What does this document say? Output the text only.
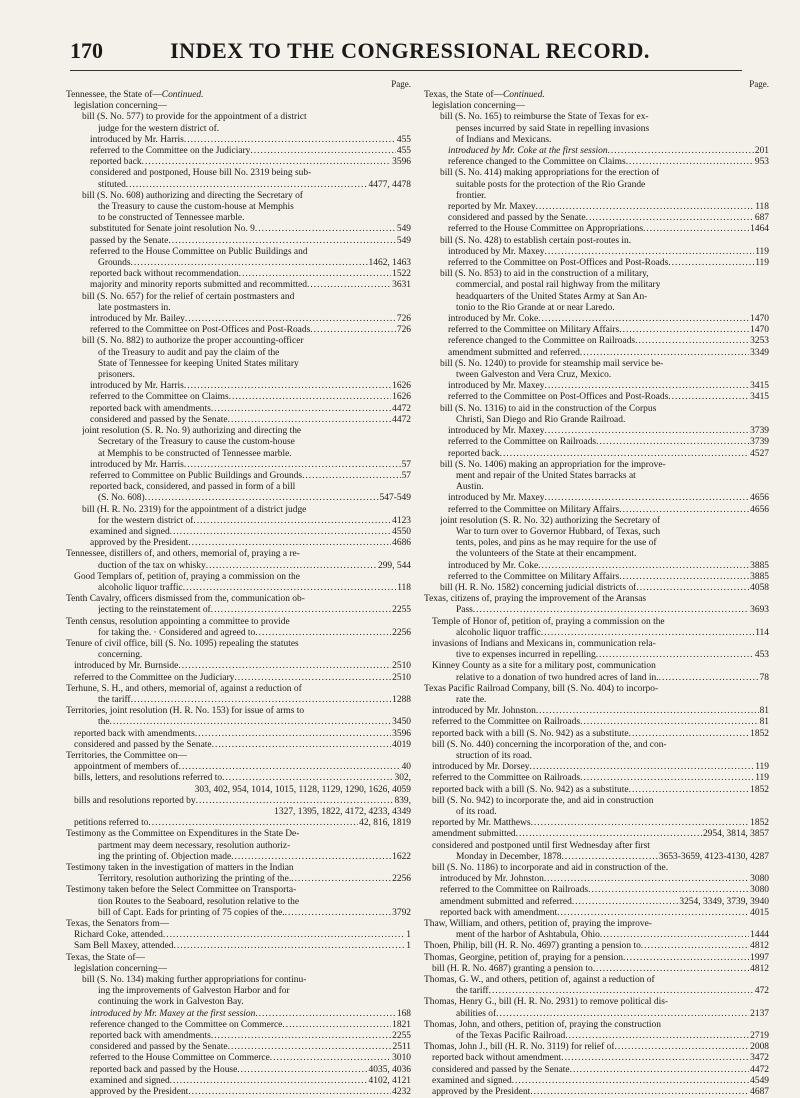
170	INDEX TO THE CONGRESSIONAL RECORD.
Page.
Tennessee, the State of—Continued.
legislation concerning—
bill (S. No. 577) to provide for the appointment of a district
judge for the western district of.
introduced by Mr. Harris .....	455
referred to the Committee on the Judiciary .....	455
reported back .....	3596
considered and postponed, House bill No. 2319 being sub-
stituted .....	4477, 4478
bill (S. No. 608) authorizing and directing the Secretary of
the Treasury to cause the custom-house at Memphis
to be constructed of Tennessee marble.
substituted for Senate joint resolution No. 9 .....	549
passed by the Senate .....	549
referred to the House Committee on Public Buildings and
Grounds .....	1462, 1463
reported back without recommendation .....	1522
majority and minority reports submitted and recommitted .....	3631
bill (S. No. 657) for the relief of certain postmasters and
late postmasters in.
introduced by Mr. Bailey .....	726
referred to the Committee on Post-Offices and Post-Roads .....	726
bill (S. No. 882) to authorize the proper accounting-officer
of the Treasury to audit and pay the claim of the
State of Tennessee for keeping United States military
prisoners.
introduced by Mr. Harris .....	1626
referred to the Committee on Claims .....	1626
reported back with amendments .....	4472
considered and passed by the Senate .....	4472
joint resolution (S. R. No. 9) authorizing and directing the
Secretary of the Treasury to cause the custom-house
at Memphis to be constructed of Tennessee marble.
introduced by Mr. Harris .....	57
referred to Committee on Public Buildings and Grounds .....	57
reported back, considered, and passed in form of a bill
(S. No. 608) .....	547-549
bill (H. R. No. 2319) for the appointment of a district judge
for the western district of .....	4123
examined and signed .....	4550
approved by the President .....	4686
Tennessee, distillers of, and others, memorial of, praying a re-
duction of the tax on whisky .....	299, 544
Good Templars of, petition of, praying a commission on the
alcoholic liquor traffic .....	118
Tenth Cavalry, officers dismissed from the, communication ob-
jecting to the reinstatement of .....	2255
Tenth census, resolution appointing a committee to provide
for taking the. · Considered and agreed to .....	2256
Tenure of civil office, bill (S. No. 1095) repealing the statutes
concerning.
introduced by Mr. Burnside .....	2510
referred to the Committee on the Judiciary .....	2510
Terhune, S. H., and others, memorial of, against a reduction of
the tariff .....	1288
Territories, joint resolution (H. R. No. 153) for issue of arms to
the .....	3450
reported back with amendments .....	3596
considered and passed by the Senate .....	4019
Territories, the Committee on—
appointment of members of .....	40
bills, letters, and resolutions referred to .....	302,
303, 402, 954, 1014, 1015, 1128, 1129, 1290, 1626, 4059
bills and resolutions reported by .....	839,
1327, 1395, 1822, 4172, 4233, 4349
petitions referred to .....	42, 816, 1819
Testimony as the Committee on Expenditures in the State De-
partment may deem necessary, resolution authoriz-
ing the printing of. Objection made .....	1622
Testimony taken in the investigation of matters in the Indian
Territory, resolution authorizing the printing of the. .....	2256
Testimony taken before the Select Committee on Transporta-
tion Routes to the Seaboard, resolution relative to the
bill of Capt. Eads for printing of 75 copies of the. .....	3792
Texas, the Senators from—
Richard Coke, attended .....	1
Sam Bell Maxey, attended .....	1
Texas, the State of—
legislation concerning—
bill (S. No. 134) making further appropriations for continu-
ing the improvements of Galveston Harbor and for
continuing the work in Galveston Bay.
introduced by Mr. Maxey at the first session .....	168
reference changed to the Committee on Commerce .....	1821
reported back with amendments .....	2255
considered and passed by the Senate .....	2511
referred to the House Committee on Commerce .....	3010
reported back and passed by the House .....	4035, 4036
examined and signed .....	4102, 4121
approved by the President .....	4232
Page.
Texas, the State of—Continued.
legislation concerning—
bill (S. No. 165) to reimburse the State of Texas for ex-
penses incurred by said State in repelling invasions
of Indians and Mexicans.
introduced by Mr. Coke at the first session .....	201
reference changed to the Committee on Claims .....	953
bill (S. No. 414) making appropriations for the erection of
suitable posts for the protection of the Rio Grande
frontier.
reported by Mr. Maxey .....	118
considered and passed by the Senate .....	687
referred to the House Committee on Appropriations .....	1464
bill (S. No. 428) to establish certain post-routes in.
introduced by Mr. Maxey .....	119
referred to the Committee on Post-Offices and Post-Roads .....	119
bill (S. No. 853) to aid in the construction of a military,
commercial, and postal rail highway from the military
headquarters of the United States Army at San An-
tonio to the Rio Grande at or near Laredo.
introduced by Mr. Coke .....	1470
referred to the Committee on Military Affairs .....	1470
reference changed to the Committee on Railroads .....	3253
amendment submitted and referred .....	3349
bill (S. No. 1240) to provide for steamship mail service be-
tween Galveston and Vera Cruz, Mexico.
introduced by Mr. Maxey .....	3415
referred to the Committee on Post-Offices and Post-Roads .....	3415
bill (S. No. 1316) to aid in the construction of the Corpus
Christi, San Diego and Rio Grande Railroad.
introduced by Mr. Maxey .....	3739
referred to the Committee on Railroads .....	3739
reported back .....	4527
bill (S. No. 1406) making an appropriation for the improve-
ment and repair of the United States barracks at
Austin.
introduced by Mr. Maxey .....	4656
referred to the Committee on Military Affairs .....	4656
joint resolution (S. R. No. 32) authorizing the Secretary of
War to turn over to Governor Hubbard, of Texas, such
tents, poles, and pins as he may require for the use of
the volunteers of the State at their encampment.
introduced by Mr. Coke .....	3885
referred to the Committee on Military Affairs .....	3885
bill (H. R. No. 1582) concerning judicial districts of .....	4058
Texas, citizens of, praying the improvement of the Aransas
Pass .....	3693
Temple of Honor of, petition of, praying a commission on the
alcoholic liquor traffic .....	114
invasions of Indians and Mexicans in, communication rela-
tive to expenses incurred in repelling .....	453
Kinney County as a site for a military post, communication
relative to a donation of two hundred acres of land in. .....	78
Texas Pacific Railroad Company, bill (S. No. 404) to incorpo-
rate the.
introduced by Mr. Johnston .....	81
referred to the Committee on Railroads .....	81
reported back with a bill (S. No. 942) as a substitute .....	1852
bill (S. No. 440) concerning the incorporation of the, and con-
struction of its road.
introduced by Mr. Dorsey .....	119
referred to the Committee on Railroads .....	119
reported back with a bill (S. No. 942) as a substitute .....	1852
bill (S. No. 942) to incorporate the, and aid in construction
of its road.
reported by Mr. Matthews .....	1852
amendment submitted .....	2954, 3814, 3857
considered and postponed until first Wednesday after first
Monday in December, 1878 .....	3653-3659, 4123-4130, 4287
bill (S. No. 1186) to incorporate and aid in construction of the.
introduced by Mr. Johnston .....	3080
referred to the Committee on Railroads .....	3080
amendment submitted and referred .....	3254, 3349, 3739, 3940
reported back with amendment .....	4015
Thaw, William, and others, petition of, praying the improve-
ment of the harbor of Ashtabula, Ohio .....	1444
Thoen, Philip, bill (H. R. No. 4697) granting a pension to .....	4812
Thomas, Georgine, petition of, praying for a pension .....	1997
bill (H. R. No. 4687) granting a pension to .....	4812
Thomas, G. W., and others, petition of, against a reduction of
the tariff .....	472
Thomas, Henry G., bill (H. R. No. 2931) to remove political dis-
abilities of .....	2137
Thomas, John, and others, petition of, praying the construction
of the Texas Pacific Railroad .....	2719
Thomas, John J., bill (H. R. No. 3119) for relief of .....	2008
reported back without amendment .....	3472
considered and passed by the Senate .....	4472
examined and signed .....	4549
approved by the President .....	4687
